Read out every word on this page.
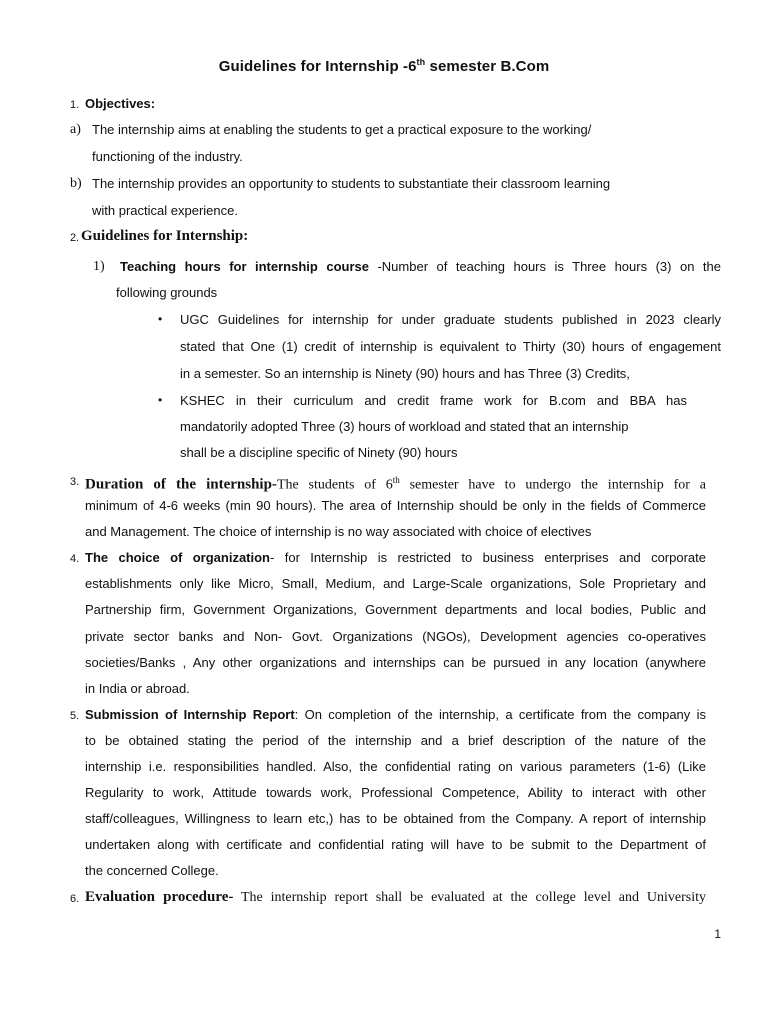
Guidelines for Internship -6th semester B.Com
1. Objectives:
a) The internship aims at enabling the students to get a practical exposure to the working/
functioning of the industry.
b) The internship provides an opportunity to students to substantiate their classroom learning
with practical experience.
2. Guidelines for Internship:
1) Teaching hours for internship course -Number of teaching hours is Three hours (3) on the
following grounds
• UGC Guidelines for internship for under graduate students published in 2023 clearly
stated that One (1) credit of internship is equivalent to Thirty (30) hours of engagement
in a semester. So an internship is Ninety (90) hours and has Three (3) Credits,
• KSHEC in their curriculum and credit frame work for B.com and BBA has
mandatorily adopted Three (3) hours of workload and stated that an internship
shall be a discipline specific of Ninety (90) hours
3. Duration of the internship-The students of 6th semester have to undergo the internship for a
minimum of 4-6 weeks (min 90 hours). The area of Internship should be only in the fields of Commerce
and Management. The choice of internship is no way associated with choice of electives
4. The choice of organization- for Internship is restricted to business enterprises and corporate
establishments only like Micro, Small, Medium, and Large-Scale organizations, Sole Proprietary and
Partnership firm, Government Organizations, Government departments and local bodies, Public and
private sector banks and Non- Govt. Organizations (NGOs), Development agencies co-operatives
societies/Banks , Any other organizations and internships can be pursued in any location (anywhere
in India or abroad.
5. Submission of Internship Report: On completion of the internship, a certificate from the company is
to be obtained stating the period of the internship and a brief description of the nature of the
internship i.e. responsibilities handled. Also, the confidential rating on various parameters (1-6) (Like
Regularity to work, Attitude towards work, Professional Competence, Ability to interact with other
staff/colleagues, Willingness to learn etc,) has to be obtained from the Company. A report of internship
undertaken along with certificate and confidential rating will have to be submit to the Department of
the concerned College.
6. Evaluation procedure- The internship report shall be evaluated at the college level and University
1
